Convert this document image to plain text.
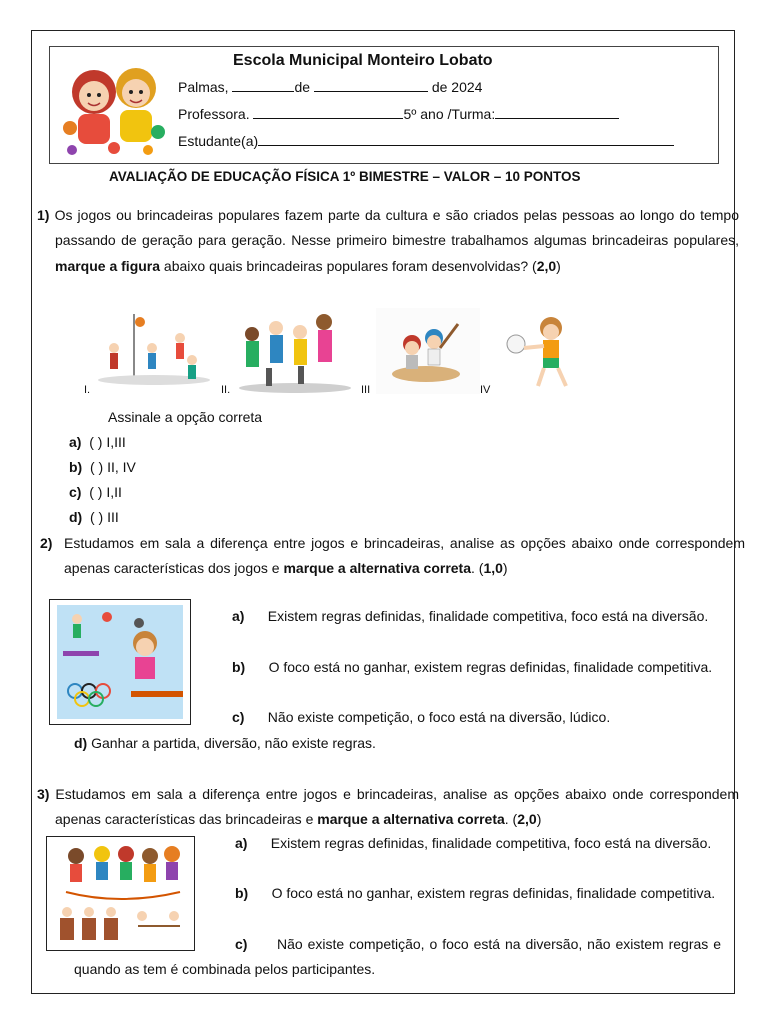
Escola Municipal Monteiro Lobato
Palmas,	de	de 2024
Professora.	5º ano /Turma:
Estudante(a)
AVALIAÇÃO DE EDUCAÇÃO FÍSICA 1º BIMESTRE – VALOR – 10 PONTOS
1) Os jogos ou brincadeiras populares fazem parte da cultura e são criados pelas pessoas ao longo do tempo passando de geração para geração. Nesse primeiro bimestre trabalhamos algumas brincadeiras populares, marque a figura abaixo quais brincadeiras populares foram desenvolvidas? (2,0)
I.	II.	III	IV
Assinale a opção correta
a) ( ) I,III
b) ( ) II, IV
c) ( ) I,II
d) ( ) III
2) Estudamos em sala a diferença entre jogos e brincadeiras, analise as opções abaixo onde correspondem apenas características dos jogos e marque a alternativa correta. (1,0)
a) Existem regras definidas, finalidade competitiva, foco está na diversão.
b) O foco está no ganhar, existem regras definidas, finalidade competitiva.
c) Não existe competição, o foco está na diversão, lúdico.
d) Ganhar a partida, diversão, não existe regras.
3) Estudamos em sala a diferença entre jogos e brincadeiras, analise as opções abaixo onde correspondem apenas características das brincadeiras e marque a alternativa correta. (2,0)
a) Existem regras definidas, finalidade competitiva, foco está na diversão.
b) O foco está no ganhar, existem regras definidas, finalidade competitiva.
c) Não existe competição, o foco está na diversão, não existem regras e quando as tem é combinada pelos participantes.
